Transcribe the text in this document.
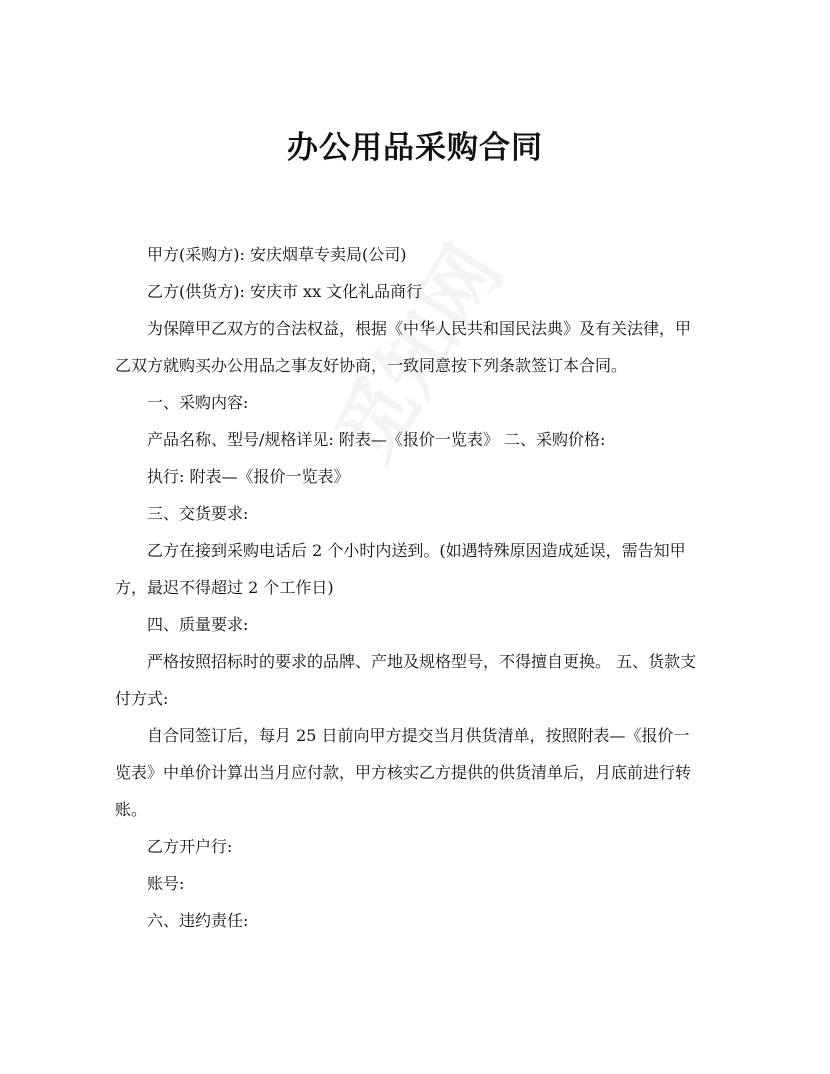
办公用品采购合同
甲方(采购方): 安庆烟草专卖局(公司)
乙方(供货方): 安庆市 xx 文化礼品商行
为保障甲乙双方的合法权益，根据《中华人民共和国民法典》及有关法律，甲
乙双方就购买办公用品之事友好协商，一致同意按下列条款签订本合同。
一、采购内容:
产品名称、型号/规格详见: 附表—《报价一览表》 二、采购价格:
执行: 附表—《报价一览表》
三、交货要求:
乙方在接到采购电话后 2 个小时内送到。(如遇特殊原因造成延误，需告知甲
方，最迟不得超过 2 个工作日)
四、质量要求:
严格按照招标时的要求的品牌、产地及规格型号，不得擅自更换。 五、货款支
付方式:
自合同签订后，每月 25 日前向甲方提交当月供货清单，按照附表—《报价一
览表》中单价计算出当月应付款，甲方核实乙方提供的供货清单后，月底前进行转
账。
乙方开户行:
账号:
六、违约责任:
